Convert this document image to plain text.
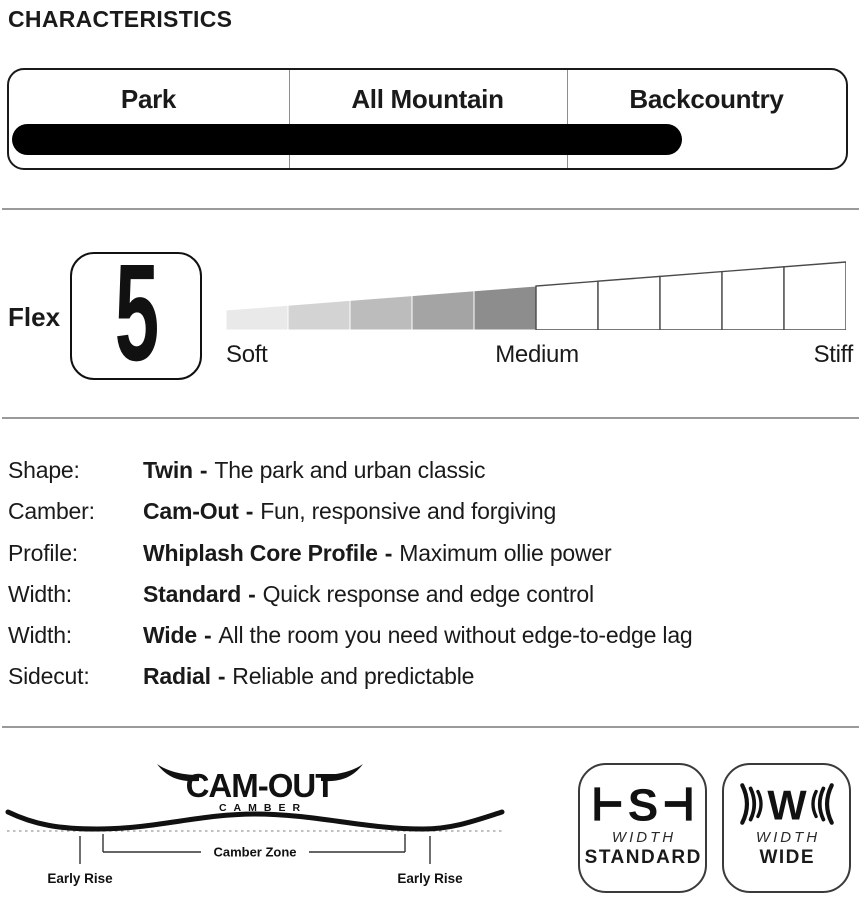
CHARACTERISTICS
Park	All Mountain	Backcountry
Flex 5	Soft	Medium	Stiff
Shape:	Twin - The park and urban classic
Camber: Cam-Out - Fun, responsive and forgiving
Profile:	Whiplash Core Profile - Maximum ollie power
Width:	Standard - Quick response and edge control
Width:	Wide - All the room you need without edge-to-edge lag
Sidecut: Radial - Reliable and predictable
CAM-OUT
CAMBER
Camber Zone
Early Rise	Early Rise
S
WIDTH
STANDARD
W
WIDTH
WIDE
